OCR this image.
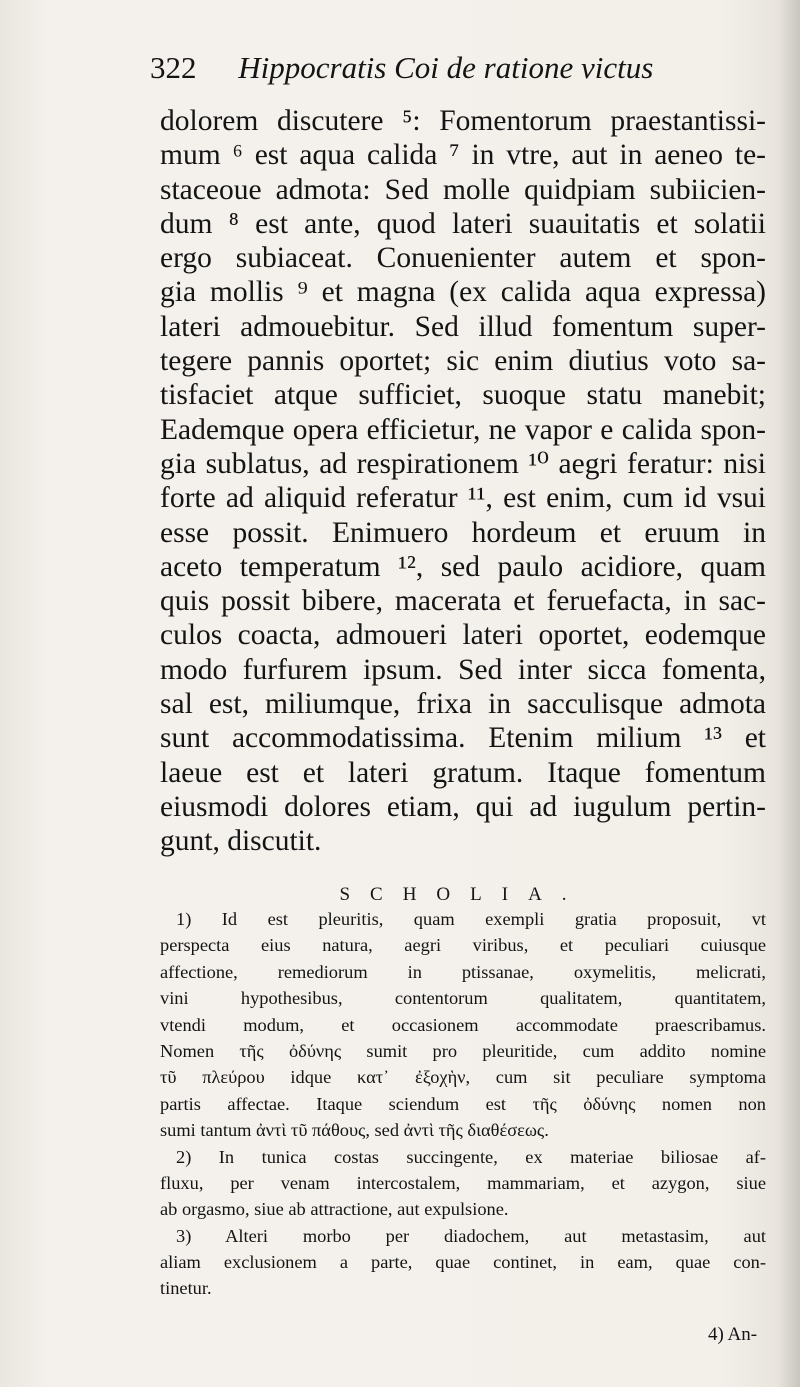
322 Hippocratis Coi de ratione victus
dolorem discutere ⁵: Fomentorum praestantissi-
mum ⁶ est aqua calida ⁷ in vtre, aut in aeneo te-
staceoue admota: Sed molle quidpiam subiicien-
dum ⁸ est ante, quod lateri suauitatis et solatii
ergo subiaceat. Conuenienter autem et spon-
gia mollis ⁹ et magna (ex calida aqua expressa)
lateri admouebitur. Sed illud fomentum super-
tegere pannis oportet; sic enim diutius voto sa-
tisfaciet atque sufficiet, suoque statu manebit;
Eademque opera efficietur, ne vapor e calida spon-
gia sublatus, ad respirationem ¹⁰ aegri feratur: nisi
forte ad aliquid referatur ¹¹, est enim, cum id vsui
esse possit. Enimuero hordeum et eruum in
aceto temperatum ¹², sed paulo acidiore, quam
quis possit bibere, macerata et feruefacta, in sac-
culos coacta, admoueri lateri oportet, eodemque
modo furfurem ipsum. Sed inter sicca fomenta,
sal est, miliumque, frixa in sacculisque admota
sunt accommodatissima. Etenim milium ¹³ et
laeue est et lateri gratum. Itaque fomentum
eiusmodi dolores etiam, qui ad iugulum pertin-
gunt, discutit.
SCHOLIA.
1) Id est pleuritis, quam exempli gratia proposuit, vt
perspecta eius natura, aegri viribus, et peculiari cuiusque
affectione, remediorum in ptissanae, oxymelitis, melicrati,
vini hypothesibus, contentorum qualitatem, quantitatem,
vtendi modum, et occasionem accommodate praescribamus.
Nomen τῆς ὀδύνης sumit pro pleuritide, cum addito nomine
τῦ πλεύρου idque κατ᾽ ἐξοχὴν, cum sit peculiare symptoma
partis affectae. Itaque sciendum est τῆς ὀδύνης nomen non
sumi tantum ἀντὶ τῦ πάθους, sed ἀντὶ τῆς διαθέσεως.
2) In tunica costas succingente, ex materiae biliosae af-
fluxu, per venam intercostalem, mammariam, et azygon, siue
ab orgasmo, siue ab attractione, aut expulsione.
3) Alteri morbo per diadochem, aut metastasim, aut
aliam exclusionem a parte, quae continet, in eam, quae con-
tinetur.
4) An-
